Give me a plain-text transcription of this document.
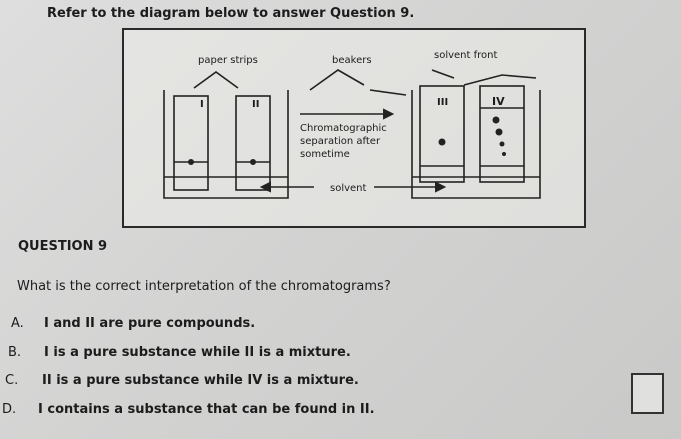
Refer to the diagram below to answer Question 9.
paper strips	beakers	solvent front
I	II	III	IV
Chromatographic
separation after
sometime
solvent
QUESTION 9
What is the correct interpretation of the chromatograms?
A. I and II are pure compounds.
B. I is a pure substance while II is a mixture.
C. II is a pure substance while IV is a mixture.
D. I contains a substance that can be found in II.
